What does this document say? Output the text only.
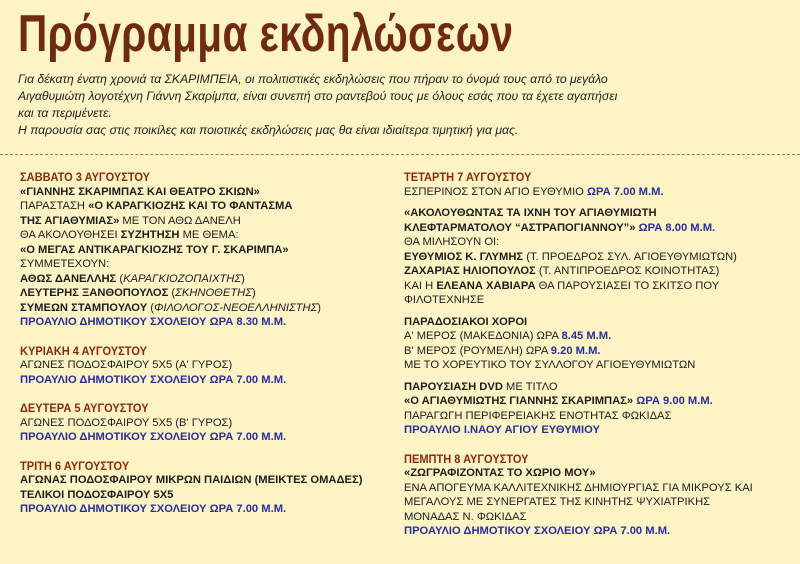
Πρόγραμμα εκδηλώσεων
Για δέκατη ένατη χρονιά τα ΣΚΑΡΙΜΠΕΙΑ, οι πολιτιστικές εκδηλώσεις που πήραν το όνομά τους από το μεγάλο
Αιγαθυμιώτη λογοτέχνη Γιάννη Σκαρίμπα, είναι συνεπή στο ραντεβού τους με όλους εσάς που τα έχετε αγαπήσει
και τα περιμένετε.
Η παρουσία σας στις ποικίλες και ποιοτικές εκδηλώσεις μας θα είναι ιδιαίτερα τιμητική για μας.
ΣΑΒΒΑΤΟ 3 ΑΥΓΟΥΣΤΟΥ
«ΓΙΑΝΝΗΣ ΣΚΑΡΙΜΠΑΣ ΚΑΙ ΘΕΑΤΡΟ ΣΚΙΩΝ»
ΠΑΡΑΣΤΑΣΗ «Ο ΚΑΡΑΓΚΙΟΖΗΣ ΚΑΙ ΤΟ ΦΑΝΤΑΣΜΑ
ΤΗΣ ΑΓΙΑΘΥΜΙΑΣ» ΜΕ ΤΟΝ ΑΘΩ ΔΑΝΕΛΗ
ΘΑ ΑΚΟΛΟΥΘΗΣΕΙ ΣΥΖΗΤΗΣΗ ΜΕ ΘΕΜΑ:
«Ο ΜΕΓΑΣ ΑΝΤΙΚΑΡΑΓΚΙΟΖΗΣ ΤΟΥ Γ. ΣΚΑΡΙΜΠΑ»
ΣΥΜΜΕΤΕΧΟΥΝ:
ΑΘΩΣ ΔΑΝΕΛΛΗΣ (ΚΑΡΑΓΚΙΟΖΟΠΑΙΧΤΗΣ)
ΛΕΥΤΕΡΗΣ ΞΑΝΘΟΠΟΥΛΟΣ (ΣΚΗΝΟΘΕΤΗΣ)
ΣΥΜΕΩΝ ΣΤΑΜΠΟΥΛΟΥ (ΦΙΛΟΛΟΓΟΣ-ΝΕΟΕΛΛΗΝΙΣΤΗΣ)
ΠΡΟΑΥΛΙΟ ΔΗΜΟΤΙΚΟΥ ΣΧΟΛΕΙΟΥ ΩΡΑ 8.30 Μ.Μ.
ΚΥΡΙΑΚΗ 4 ΑΥΓΟΥΣΤΟΥ
ΑΓΩΝΕΣ ΠΟΔΟΣΦΑΙΡΟΥ 5Χ5 (Α' ΓΥΡΟΣ)
ΠΡΟΑΥΛΙΟ ΔΗΜΟΤΙΚΟΥ ΣΧΟΛΕΙΟΥ ΩΡΑ 7.00 Μ.Μ.
ΔΕΥΤΕΡΑ 5 ΑΥΓΟΥΣΤΟΥ
ΑΓΩΝΕΣ ΠΟΔΟΣΦΑΙΡΟΥ 5Χ5 (Β' ΓΥΡΟΣ)
ΠΡΟΑΥΛΙΟ ΔΗΜΟΤΙΚΟΥ ΣΧΟΛΕΙΟΥ ΩΡΑ 7.00 Μ.Μ.
ΤΡΙΤΗ 6 ΑΥΓΟΥΣΤΟΥ
ΑΓΩΝΑΣ ΠΟΔΟΣΦΑΙΡΟΥ ΜΙΚΡΩΝ ΠΑΙΔΙΩΝ (ΜΕΙΚΤΕΣ ΟΜΑΔΕΣ)
ΤΕΛΙΚΟΙ ΠΟΔΟΣΦΑΙΡΟΥ 5Χ5
ΠΡΟΑΥΛΙΟ ΔΗΜΟΤΙΚΟΥ ΣΧΟΛΕΙΟΥ ΩΡΑ 7.00 Μ.Μ.
ΤΕΤΑΡΤΗ 7 ΑΥΓΟΥΣΤΟΥ
ΕΣΠΕΡΙΝΟΣ ΣΤΟΝ ΑΓΙΟ ΕΥΘΥΜΙΟ ΩΡΑ 7.00 Μ.Μ.
«ΑΚΟΛΟΥΘΩΝΤΑΣ ΤΑ ΙΧΝΗ ΤΟΥ ΑΓΙΑΘΥΜΙΩΤΗ
ΚΛΕΦΤΑΡΜΑΤΟΛΟΥ “ΑΣΤΡΑΠΟΓΙΑΝΝΟΥ”» ΩΡΑ 8.00 Μ.Μ.
ΘΑ ΜΙΛΗΣΟΥΝ ΟΙ:
ΕΥΘΥΜΙΟΣ Κ. ΓΛΥΜΗΣ (Τ. ΠΡΟΕΔΡΟΣ ΣΥΛ. ΑΓΙΟΕΥΘΥΜΙΩΤΩΝ)
ΖΑΧΑΡΙΑΣ ΗΛΙΟΠΟΥΛΟΣ (Τ. ΑΝΤΙΠΡΟΕΔΡΟΣ ΚΟΙΝΟΤΗΤΑΣ)
ΚΑΙ Η ΕΛΕΑΝΑ ΧΑΒΙΑΡΑ ΘΑ ΠΑΡΟΥΣΙΑΣΕΙ ΤΟ ΣΚΙΤΣΟ ΠΟΥ
ΦΙΛΟΤΕΧΝΗΣΕ
ΠΑΡΑΔΟΣΙΑΚΟΙ ΧΟΡΟΙ
Α' ΜΕΡΟΣ (ΜΑΚΕΔΟΝΙΑ) ΩΡΑ 8.45 Μ.Μ.
Β' ΜΕΡΟΣ (ΡΟΥΜΕΛΗ) ΩΡΑ 9.20 Μ.Μ.
ΜΕ ΤΟ ΧΟΡΕΥΤΙΚΟ ΤΟΥ ΣΥΛΛΟΓΟΥ ΑΓΙΟΕΥΘΥΜΙΩΤΩΝ
ΠΑΡΟΥΣΙΑΣΗ DVD ΜΕ ΤΙΤΛΟ
«Ο ΑΓΙΑΘΥΜΙΩΤΗΣ ΓΙΑΝΝΗΣ ΣΚΑΡΙΜΠΑΣ» ΩΡΑ 9.00 Μ.Μ.
ΠΑΡΑΓΩΓΗ ΠΕΡΙΦΕΡΕΙΑΚΗΣ ΕΝΟΤΗΤΑΣ ΦΩΚΙΔΑΣ
ΠΡΟΑΥΛΙΟ Ι.ΝΑΟΥ ΑΓΙΟΥ ΕΥΘΥΜΙΟΥ
ΠΕΜΠΤΗ 8 ΑΥΓΟΥΣΤΟΥ
«ΖΩΓΡΑΦΙΖΟΝΤΑΣ ΤΟ ΧΩΡΙΟ ΜΟΥ»
ΕΝΑ ΑΠΟΓΕΥΜΑ ΚΑΛΛΙΤΕΧΝΙΚΗΣ ΔΗΜΙΟΥΡΓΙΑΣ ΓΙΑ ΜΙΚΡΟΥΣ ΚΑΙ
ΜΕΓΑΛΟΥΣ ΜΕ ΣΥΝΕΡΓΑΤΕΣ ΤΗΣ ΚΙΝΗΤΗΣ ΨΥΧΙΑΤΡΙΚΗΣ
ΜΟΝΑΔΑΣ Ν. ΦΩΚΙΔΑΣ
ΠΡΟΑΥΛΙΟ ΔΗΜΟΤΙΚΟΥ ΣΧΟΛΕΙΟΥ ΩΡΑ 7.00 Μ.Μ.
